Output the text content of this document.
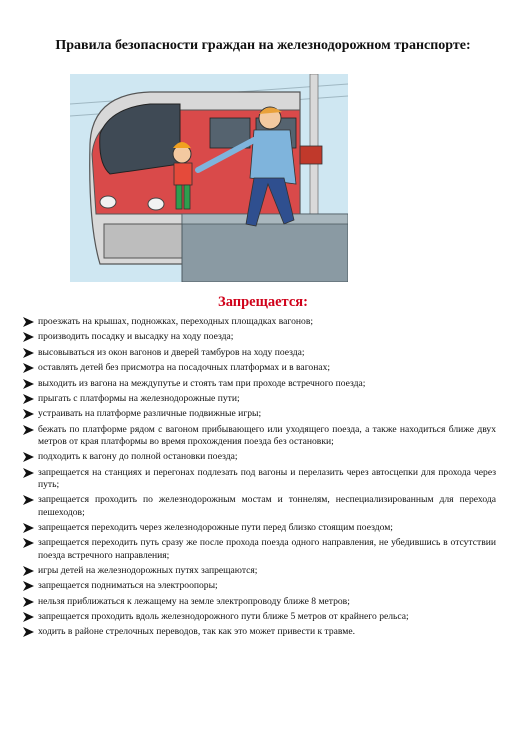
Правила безопасности граждан на железнодорожном транспорте:
Запрещается:
проезжать на крышах, подножках, переходных площадках вагонов;
производить посадку и высадку на ходу поезда;
высовываться из окон вагонов и дверей тамбуров на ходу поезда;
оставлять детей без присмотра на посадочных платформах и в вагонах;
выходить из вагона на междупутье и стоять там при проходе встречного поезда;
прыгать с платформы на железнодорожные пути;
устраивать на платформе различные подвижные игры;
бежать по платформе рядом с вагоном прибывающего или уходящего поезда, а также находиться ближе двух метров от края платформы во время прохождения поезда без остановки;
подходить к вагону до полной остановки поезда;
запрещается на станциях и перегонах подлезать под вагоны и перелазить через автосцепки для прохода через путь;
запрещается проходить по железнодорожным мостам и тоннелям, неспециализированным для перехода пешеходов;
запрещается переходить через железнодорожные пути перед близко стоящим поездом;
запрещается переходить путь сразу же после прохода поезда одного направления, не убедившись в отсутствии поезда встречного направления;
игры детей на железнодорожных путях запрещаются;
запрещается подниматься на электроопоры;
нельзя приближаться к лежащему на земле электропроводу ближе 8 метров;
запрещается проходить вдоль железнодорожного пути ближе 5 метров от крайнего рельса;
ходить в районе стрелочных переводов, так как это может привести к травме.
